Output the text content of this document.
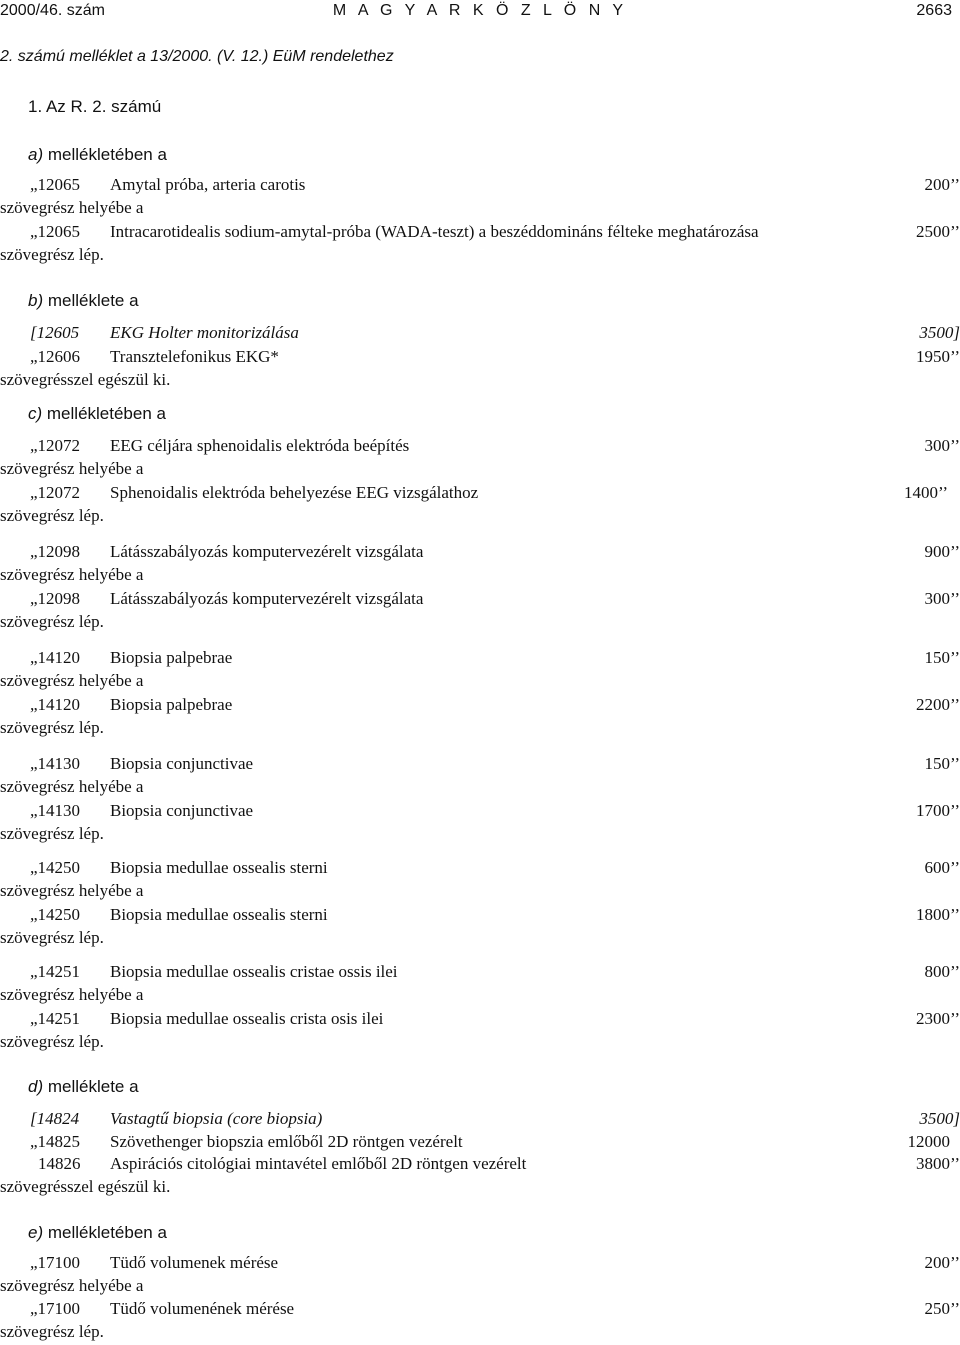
2000/46. szám	M A G Y A R K Ö Z L Ö N Y	2663
2. számú melléklet a 13/2000. (V. 12.) EüM rendelethez
1. Az R. 2. számú
a) mellékletében a
„12065 Amytal próba, arteria carotis	200’’
szövegrész helyébe a
„12065 Intracarotidealis sodium-amytal-próba (WADA-teszt) a beszéddomináns félteke meghatározása	2500’’
szövegrész lép.
b) melléklete a
[12605 EKG Holter monitorizálása	3500]
„12606 Transztelefonikus EKG*	1950’’
szövegrésszel egészül ki.
c) mellékletében a
„12072 EEG céljára sphenoidalis elektróda beépítés	300’’
szövegrész helyébe a
„12072 Sphenoidalis elektróda behelyezése EEG vizsgálathoz	1400’’
szövegrész lép.
„12098 Látásszabályozás komputervezérelt vizsgálata	900’’
szövegrész helyébe a
„12098 Látásszabályozás komputervezérelt vizsgálata	300’’
szövegrész lép.
„14120 Biopsia palpebrae	150’’
szövegrész helyébe a
„14120 Biopsia palpebrae	2200’’
szövegrész lép.
„14130 Biopsia conjunctivae	150’’
szövegrész helyébe a
„14130 Biopsia conjunctivae	1700’’
szövegrész lép.
„14250 Biopsia medullae ossealis sterni	600’’
szövegrész helyébe a
„14250 Biopsia medullae ossealis sterni	1800’’
szövegrész lép.
„14251 Biopsia medullae ossealis cristae ossis ilei	800’’
szövegrész helyébe a
„14251 Biopsia medullae ossealis crista osis ilei	2300’’
szövegrész lép.
d) melléklete a
[14824 Vastagtű biopsia (core biopsia)	3500]
„14825 Szövethenger biopszia emlőből 2D röntgen vezérelt	12000
14826 Aspirációs citológiai mintavétel emlőből 2D röntgen vezérelt	3800’’
szövegrésszel egészül ki.
e) mellékletében a
„17100 Tüdő volumenek mérése	200’’
szövegrész helyébe a
„17100 Tüdő volumenének mérése	250’’
szövegrész lép.
